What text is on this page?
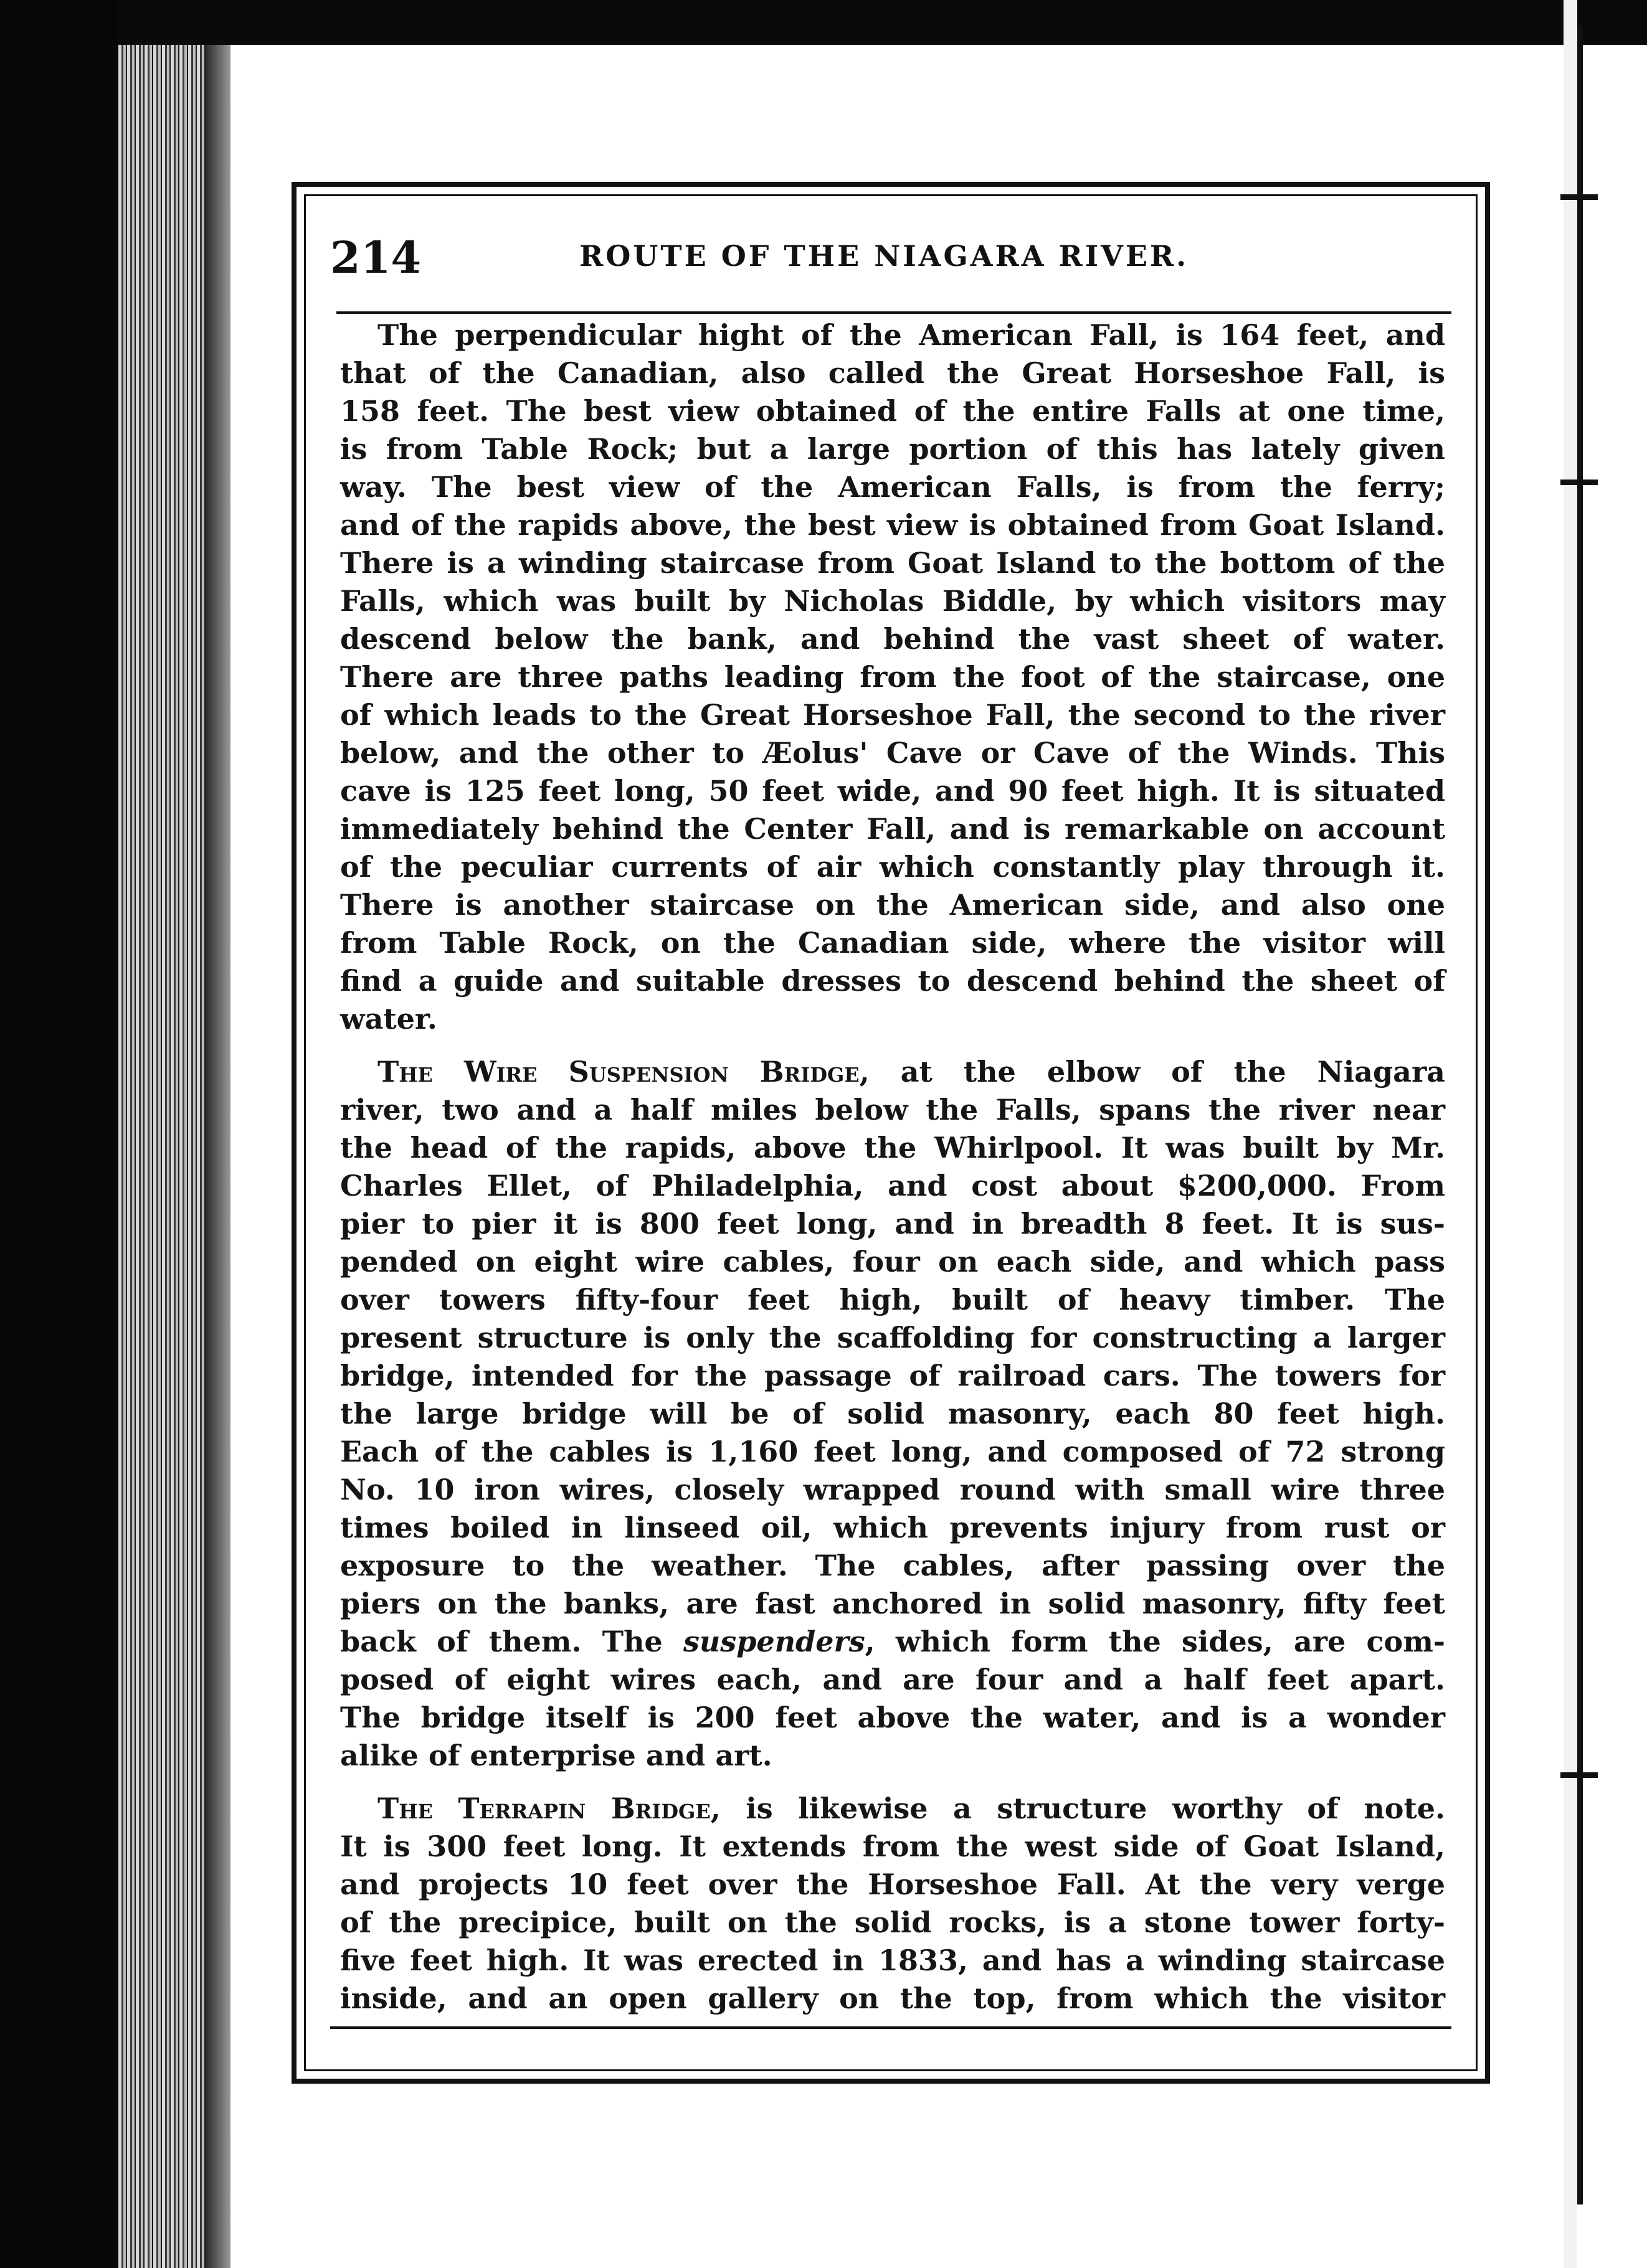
214	ROUTE OF THE NIAGARA RIVER.

The perpendicular hight of the American Fall, is 164 feet, and

that of the Canadian, also called the Great Horseshoe Fall, is

158 feet. The best view obtained of the entire Falls at one time,

is from Table Rock; but a large portion of this has lately given

way. The best view of the American Falls, is from the ferry;

and of the rapids above, the best view is obtained from Goat Island.

There is a winding staircase from Goat Island to the bottom of the

Falls, which was built by Nicholas Biddle, by which visitors may

descend below the bank, and behind the vast sheet of water.

There are three paths leading from the foot of the staircase, one

of which leads to the Great Horseshoe Fall, the second to the river

below, and the other to Æolus' Cave or Cave of the Winds. This

cave is 125 feet long, 50 feet wide, and 90 feet high. It is situated

immediately behind the Center Fall, and is remarkable on account

of the peculiar currents of air which constantly play through it.

There is another staircase on the American side, and also one

from Table Rock, on the Canadian side, where the visitor will

find a guide and suitable dresses to descend behind the sheet of

water.

The Wire Suspension Bridge, at the elbow of the Niagara

river, two and a half miles below the Falls, spans the river near

the head of the rapids, above the Whirlpool. It was built by Mr.

Charles Ellet, of Philadelphia, and cost about $200,000. From

pier to pier it is 800 feet long, and in breadth 8 feet. It is sus-

pended on eight wire cables, four on each side, and which pass

over towers fifty-four feet high, built of heavy timber. The

present structure is only the scaffolding for constructing a larger

bridge, intended for the passage of railroad cars. The towers for

the large bridge will be of solid masonry, each 80 feet high.

Each of the cables is 1,160 feet long, and composed of 72 strong

No. 10 iron wires, closely wrapped round with small wire three

times boiled in linseed oil, which prevents injury from rust or

exposure to the weather. The cables, after passing over the

piers on the banks, are fast anchored in solid masonry, fifty feet

back of them. The suspenders, which form the sides, are com-

posed of eight wires each, and are four and a half feet apart.

The bridge itself is 200 feet above the water, and is a wonder

alike of enterprise and art.

The Terrapin Bridge, is likewise a structure worthy of note.

It is 300 feet long. It extends from the west side of Goat Island,

and projects 10 feet over the Horseshoe Fall. At the very verge

of the precipice, built on the solid rocks, is a stone tower forty-

five feet high. It was erected in 1833, and has a winding staircase

inside, and an open gallery on the top, from which the visitor
